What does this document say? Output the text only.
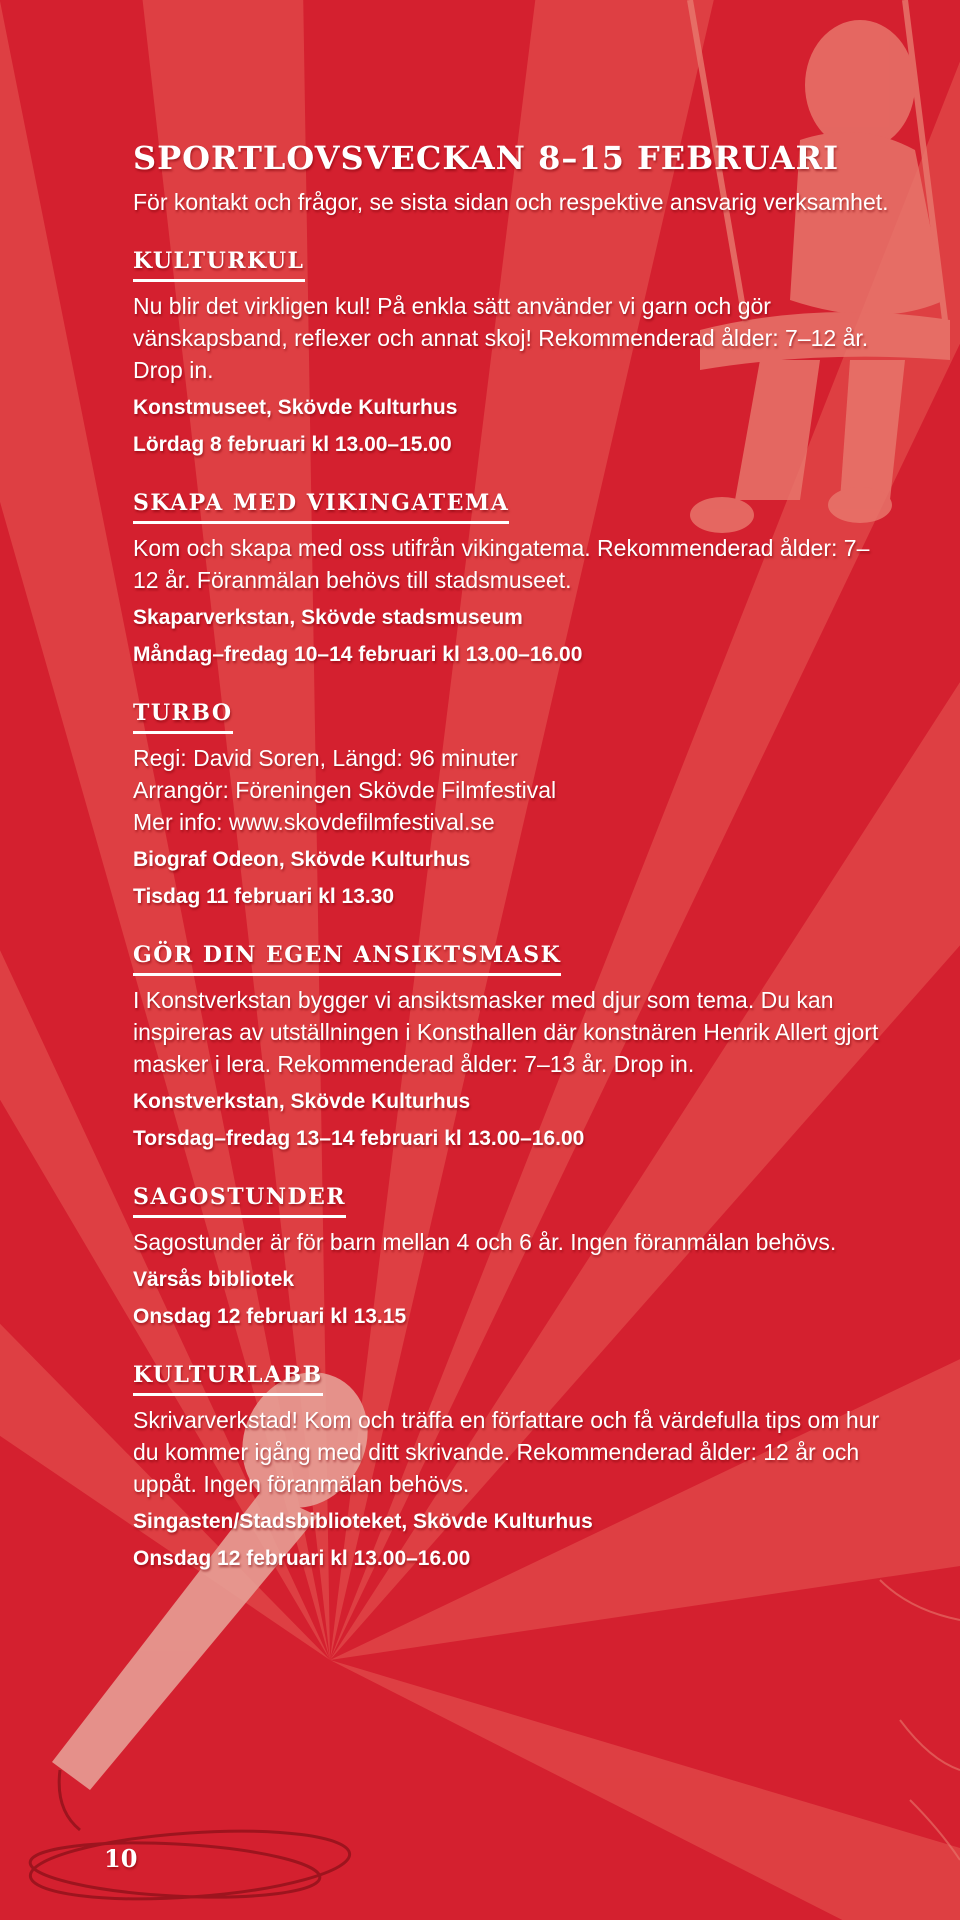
SPORTLOVSVECKAN 8–15 FEBRUARI

För kontakt och frågor, se sista sidan och respektive ansvarig verksamhet.

KULTURKUL

Nu blir det virkligen kul! På enkla sätt använder vi garn och gör vänskapsband, reflexer och annat skoj! Rekommenderad ålder: 7–12 år. Drop in.

Konstmuseet, Skövde Kulturhus
Lördag 8 februari kl 13.00–15.00
SKAPA MED VIKINGATEMA

Kom och skapa med oss utifrån vikingatema. Rekommenderad ålder: 7–12 år. Föranmälan behövs till stadsmuseet.

Skaparverkstan, Skövde stadsmuseum
Måndag–fredag 10–14 februari kl 13.00–16.00
TURBO
Regi: David Soren, Längd: 96 minuter
Arrangör: Föreningen Skövde Filmfestival
Mer info: www.skovdefilmfestival.se
Biograf Odeon, Skövde Kulturhus
Tisdag 11 februari kl 13.30
GÖR DIN EGEN ANSIKTSMASK

I Konstverkstan bygger vi ansiktsmasker med djur som tema. Du kan inspireras av utställningen i Konsthallen där konstnären Henrik Allert gjort masker i lera. Rekommenderad ålder: 7–13 år. Drop in.

Konstverkstan, Skövde Kulturhus
Torsdag–fredag 13–14 februari kl 13.00–16.00
SAGOSTUNDER

Sagostunder är för barn mellan 4 och 6 år. Ingen föranmälan behövs.

Värsås bibliotek
Onsdag 12 februari kl 13.15
KULTURLABB

Skrivarverkstad! Kom och träffa en författare och få värdefulla tips om hur du kommer igång med ditt skrivande. Rekommenderad ålder: 12 år och uppåt. Ingen föranmälan behövs.

Singasten/Stadsbiblioteket, Skövde Kulturhus
Onsdag 12 februari kl 13.00–16.00
10
